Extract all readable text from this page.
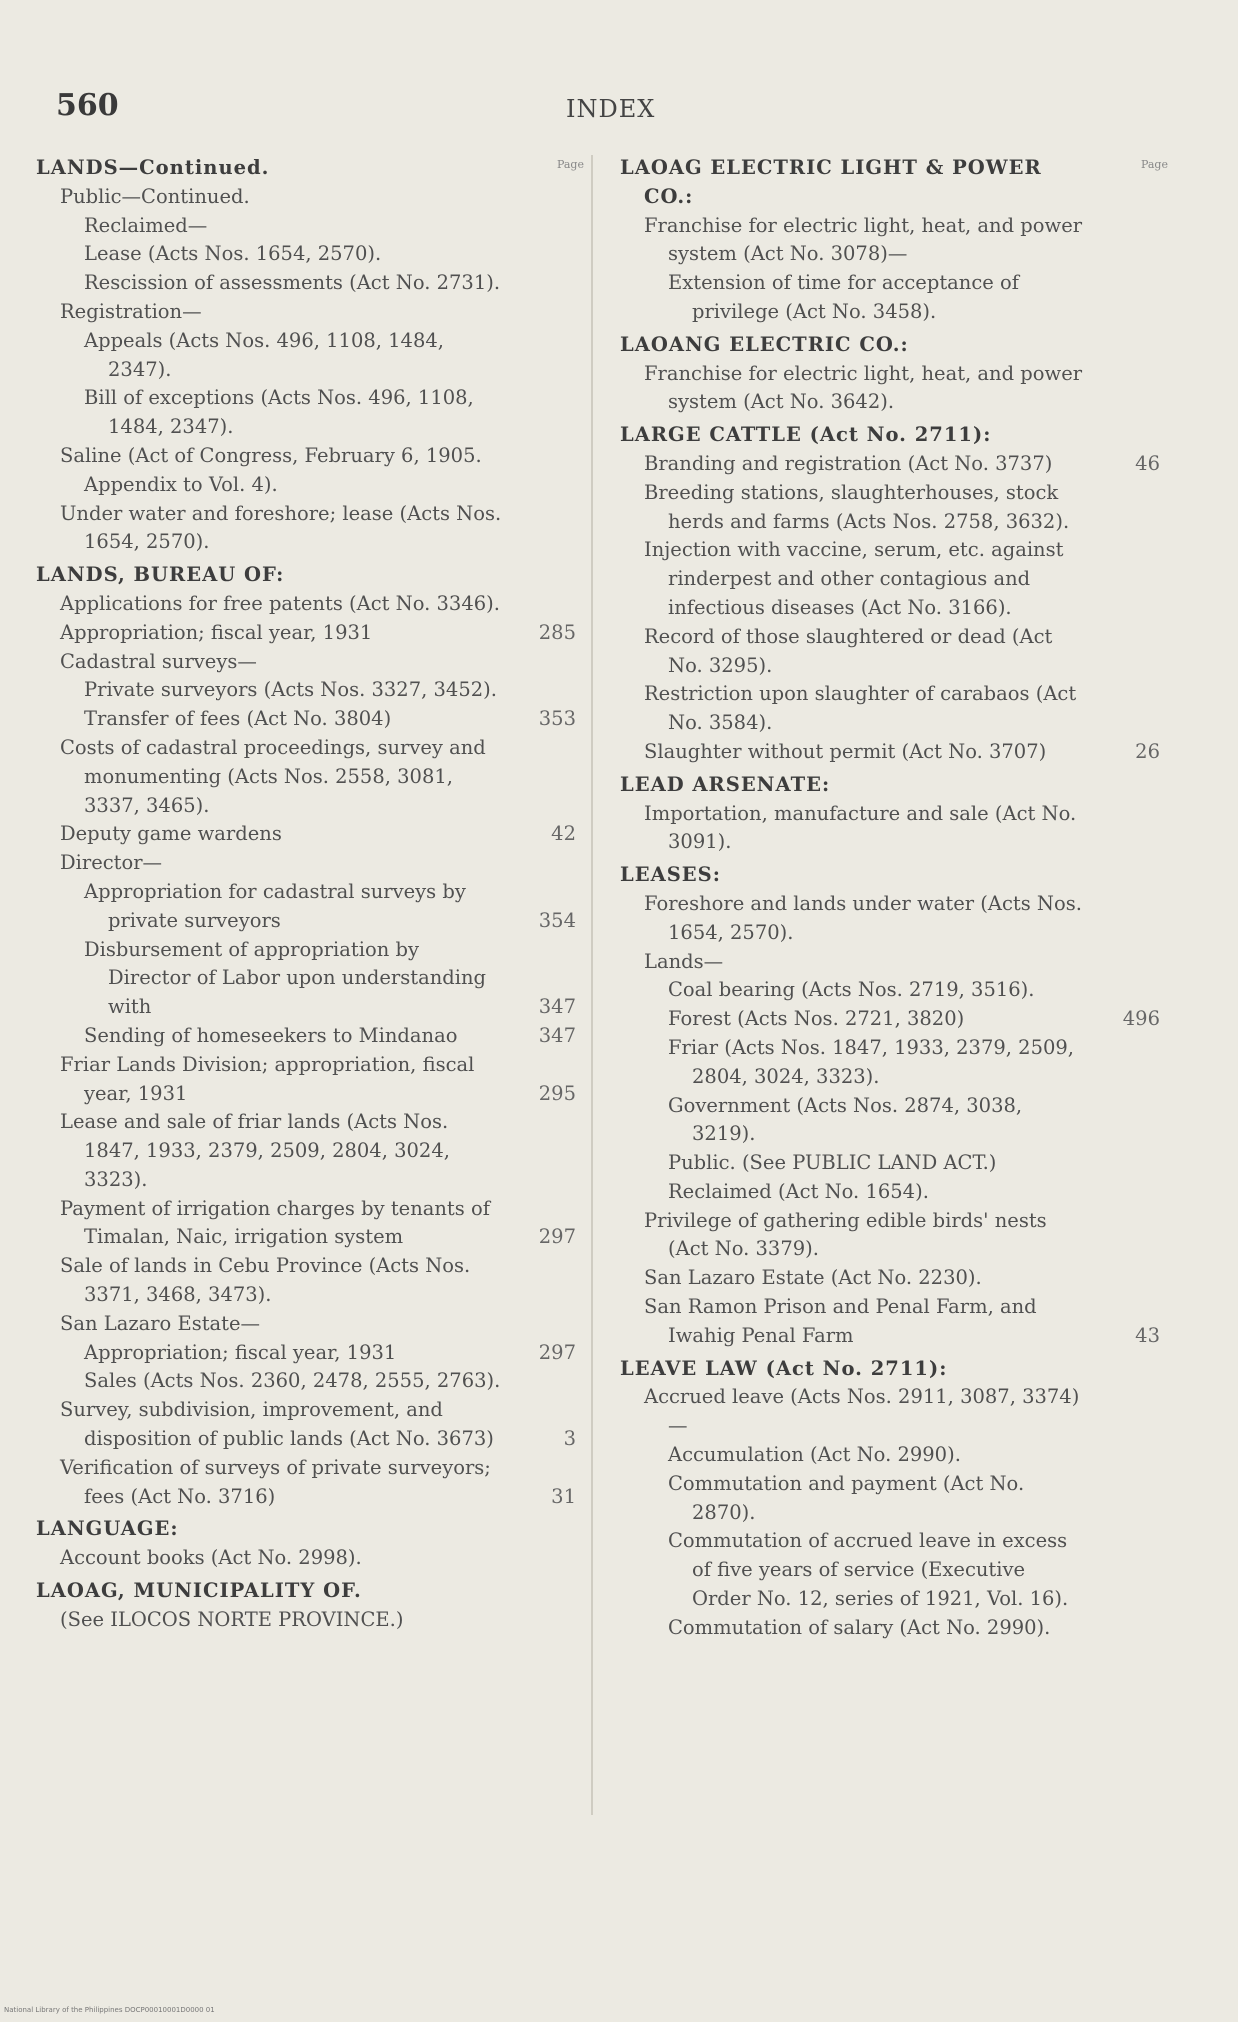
560	INDEX
Page
LANDS—Continued.
Public—Continued.
Reclaimed—
Lease (Acts Nos. 1654, 2570).
Rescission of assessments (Act No. 2731).
Registration—
Appeals (Acts Nos. 496, 1108, 1484, 2347).
Bill of exceptions (Acts Nos. 496, 1108, 1484, 2347).
Saline (Act of Congress, February 6, 1905. Appendix to Vol. 4).
Under water and foreshore; lease (Acts Nos. 1654, 2570).
LANDS, BUREAU OF:
Applications for free patents (Act No. 3346).
Appropriation; fiscal year, 1931	285
Cadastral surveys—
Private surveyors (Acts Nos. 3327, 3452).
Transfer of fees (Act No. 3804)	353
Costs of cadastral proceedings, survey and monumenting (Acts Nos. 2558, 3081, 3337, 3465).
Deputy game wardens	42
Director—
Appropriation for cadastral surveys by private surveyors	354
Disbursement of appropriation by Director of Labor upon understanding with	347
Sending of homeseekers to Mindanao	347
Friar Lands Division; appropriation, fiscal year, 1931	295
Lease and sale of friar lands (Acts Nos. 1847, 1933, 2379, 2509, 2804, 3024, 3323).
Payment of irrigation charges by tenants of Timalan, Naic, irrigation system	297
Sale of lands in Cebu Province (Acts Nos. 3371, 3468, 3473).
San Lazaro Estate—
Appropriation; fiscal year, 1931	297
Sales (Acts Nos. 2360, 2478, 2555, 2763).
Survey, subdivision, improvement, and disposition of public lands (Act No. 3673)	3
Verification of surveys of private surveyors; fees (Act No. 3716)	31
LANGUAGE:
Account books (Act No. 2998).
LAOAG, MUNICIPALITY OF.
(See ILOCOS NORTE PROVINCE.)
Page
LAOAG ELECTRIC LIGHT & POWER CO.:
Franchise for electric light, heat, and power system (Act No. 3078)—
Extension of time for acceptance of privilege (Act No. 3458).
LAOANG ELECTRIC CO.:
Franchise for electric light, heat, and power system (Act No. 3642).
LARGE CATTLE (Act No. 2711):
Branding and registration (Act No. 3737)	46
Breeding stations, slaughterhouses, stock herds and farms (Acts Nos. 2758, 3632).
Injection with vaccine, serum, etc. against rinderpest and other contagious and infectious diseases (Act No. 3166).
Record of those slaughtered or dead (Act No. 3295).
Restriction upon slaughter of carabaos (Act No. 3584).
Slaughter without permit (Act No. 3707)	26
LEAD ARSENATE:
Importation, manufacture and sale (Act No. 3091).
LEASES:
Foreshore and lands under water (Acts Nos. 1654, 2570).
Lands—
Coal bearing (Acts Nos. 2719, 3516).
Forest (Acts Nos. 2721, 3820)	496
Friar (Acts Nos. 1847, 1933, 2379, 2509, 2804, 3024, 3323).
Government (Acts Nos. 2874, 3038, 3219).
Public. (See PUBLIC LAND ACT.)
Reclaimed (Act No. 1654).
Privilege of gathering edible birds' nests (Act No. 3379).
San Lazaro Estate (Act No. 2230).
San Ramon Prison and Penal Farm, and Iwahig Penal Farm	43
LEAVE LAW (Act No. 2711):
Accrued leave (Acts Nos. 2911, 3087, 3374)—
Accumulation (Act No. 2990).
Commutation and payment (Act No. 2870).
Commutation of accrued leave in excess of five years of service (Executive Order No. 12, series of 1921, Vol. 16).
Commutation of salary (Act No. 2990).
National Library of the Philippines DOCP00010001D0000 01
